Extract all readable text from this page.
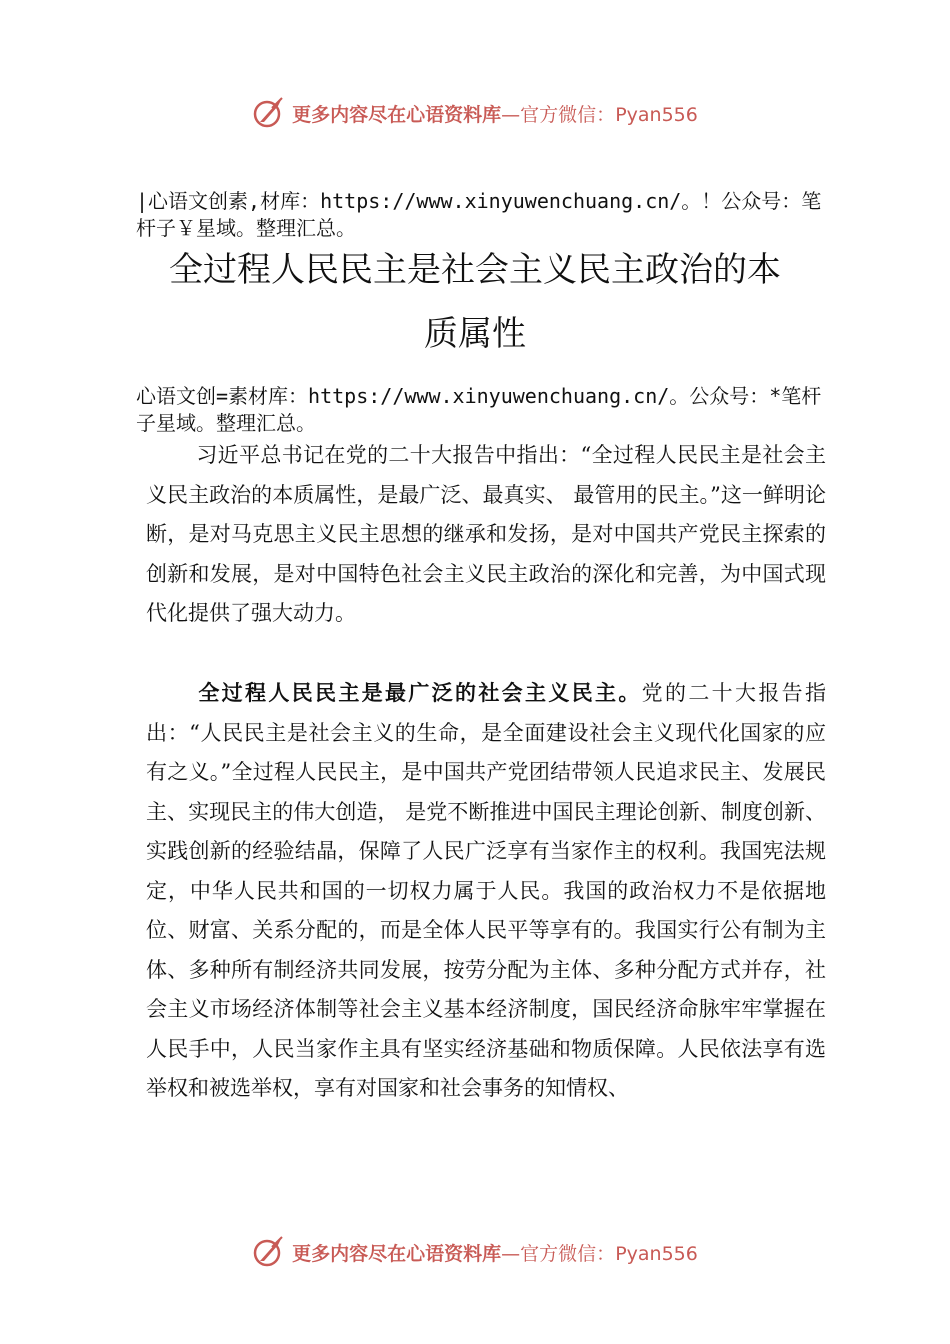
更多内容尽在心语资料库—官方微信：Pyan556
|心语文创素,材库：https://www.xinyuwenchuang.cn/。！公众号：笔杆子￥星域。整理汇总。
全过程人民民主是社会主义民主政治的本
质属性
心语文创=素材库：https://www.xinyuwenchuang.cn/。公众号：*笔杆子星域。整理汇总。
习近平总书记在党的二十大报告中指出：“全过程人民民主是社会主义民主政治的本质属性，是最广泛、最真实、 最管用的民主。”这一鲜明论断，是对马克思主义民主思想的继承和发扬，是对中国共产党民主探索的创新和发展，是对中国特色社会主义民主政治的深化和完善，为中国式现代化提供了强大动力。
全过程人民民主是最广泛的社会主义民主。党的二十大报告指出：“人民民主是社会主义的生命，是全面建设社会主义现代化国家的应有之义。”全过程人民民主，是中国共产党团结带领人民追求民主、发展民主、实现民主的伟大创造， 是党不断推进中国民主理论创新、制度创新、实践创新的经验结晶，保障了人民广泛享有当家作主的权利。我国宪法规定，中华人民共和国的一切权力属于人民。我国的政治权力不是依据地位、财富、关系分配的，而是全体人民平等享有的。我国实行公有制为主体、多种所有制经济共同发展，按劳分配为主体、多种分配方式并存，社会主义市场经济体制等社会主义基本经济制度，国民经济命脉牢牢掌握在人民手中，人民当家作主具有坚实经济基础和物质保障。人民依法享有选举权和被选举权，享有对国家和社会事务的知情权、
更多内容尽在心语资料库—官方微信：Pyan556
